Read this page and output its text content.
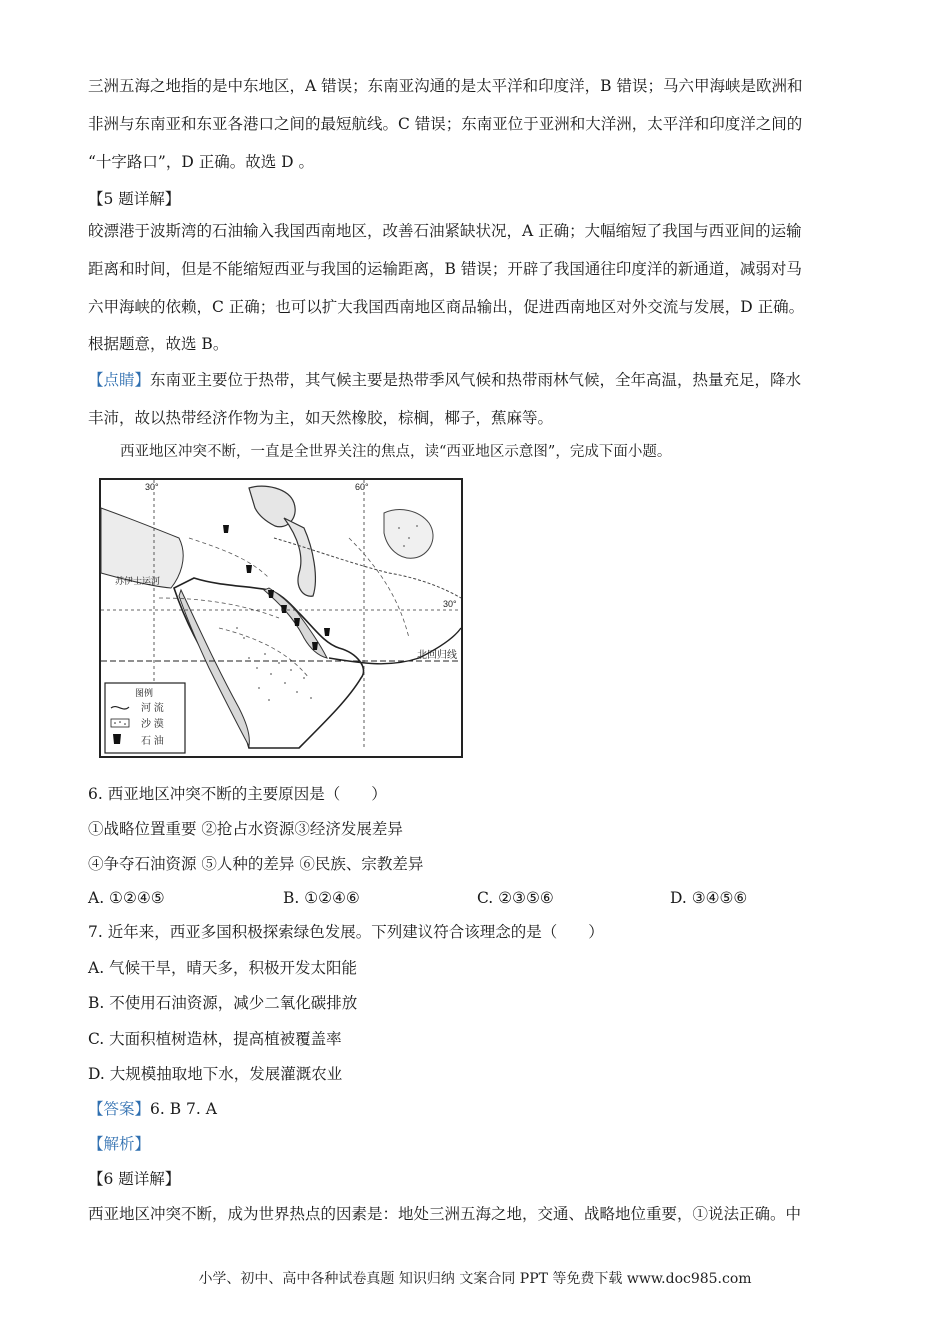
三洲五海之地指的是中东地区，A 错误；东南亚沟通的是太平洋和印度洋，B 错误；马六甲海峡是欧洲和
非洲与东南亚和东亚各港口之间的最短航线。C 错误；东南亚位于亚洲和大洋洲，太平洋和印度洋之间的
“十字路口”，D 正确。故选 D 。
【5 题详解】
皎漂港于波斯湾的石油输入我国西南地区，改善石油紧缺状况，A 正确；大幅缩短了我国与西亚间的运输
距离和时间，但是不能缩短西亚与我国的运输距离，B 错误；开辟了我国通往印度洋的新通道，减弱对马
六甲海峡的依赖，C 正确；也可以扩大我国西南地区商品输出，促进西南地区对外交流与发展，D 正确。
根据题意，故选 B。
【点睛】东南亚主要位于热带，其气候主要是热带季风气候和热带雨林气候，全年高温，热量充足，降水
丰沛，故以热带经济作物为主，如天然橡胶，棕榈，椰子，蕉麻等。
西亚地区冲突不断，一直是全世界关注的焦点，读“西亚地区示意图”，完成下面小题。
30°	60°
30°
北回归线
苏伊士运河
图例
河 流
沙 漠
石 油
6. 西亚地区冲突不断的主要原因是（　　）
①战略位置重要 ②抢占水资源③经济发展差异
④争夺石油资源 ⑤人种的差异 ⑥民族、宗教差异
A. ①②④⑤	B. ①②④⑥	C. ②③⑤⑥	D. ③④⑤⑥
7. 近年来，西亚多国积极探索绿色发展。下列建议符合该理念的是（　　）
A. 气候干旱，晴天多，积极开发太阳能
B. 不使用石油资源，减少二氧化碳排放
C. 大面积植树造林，提高植被覆盖率
D. 大规模抽取地下水，发展灌溉农业
【答案】6. B 7. A
【解析】
【6 题详解】
西亚地区冲突不断，成为世界热点的因素是：地处三洲五海之地，交通、战略地位重要，①说法正确。中
小学、初中、高中各种试卷真题 知识归纳 文案合同 PPT 等免费下载 www.doc985.com
